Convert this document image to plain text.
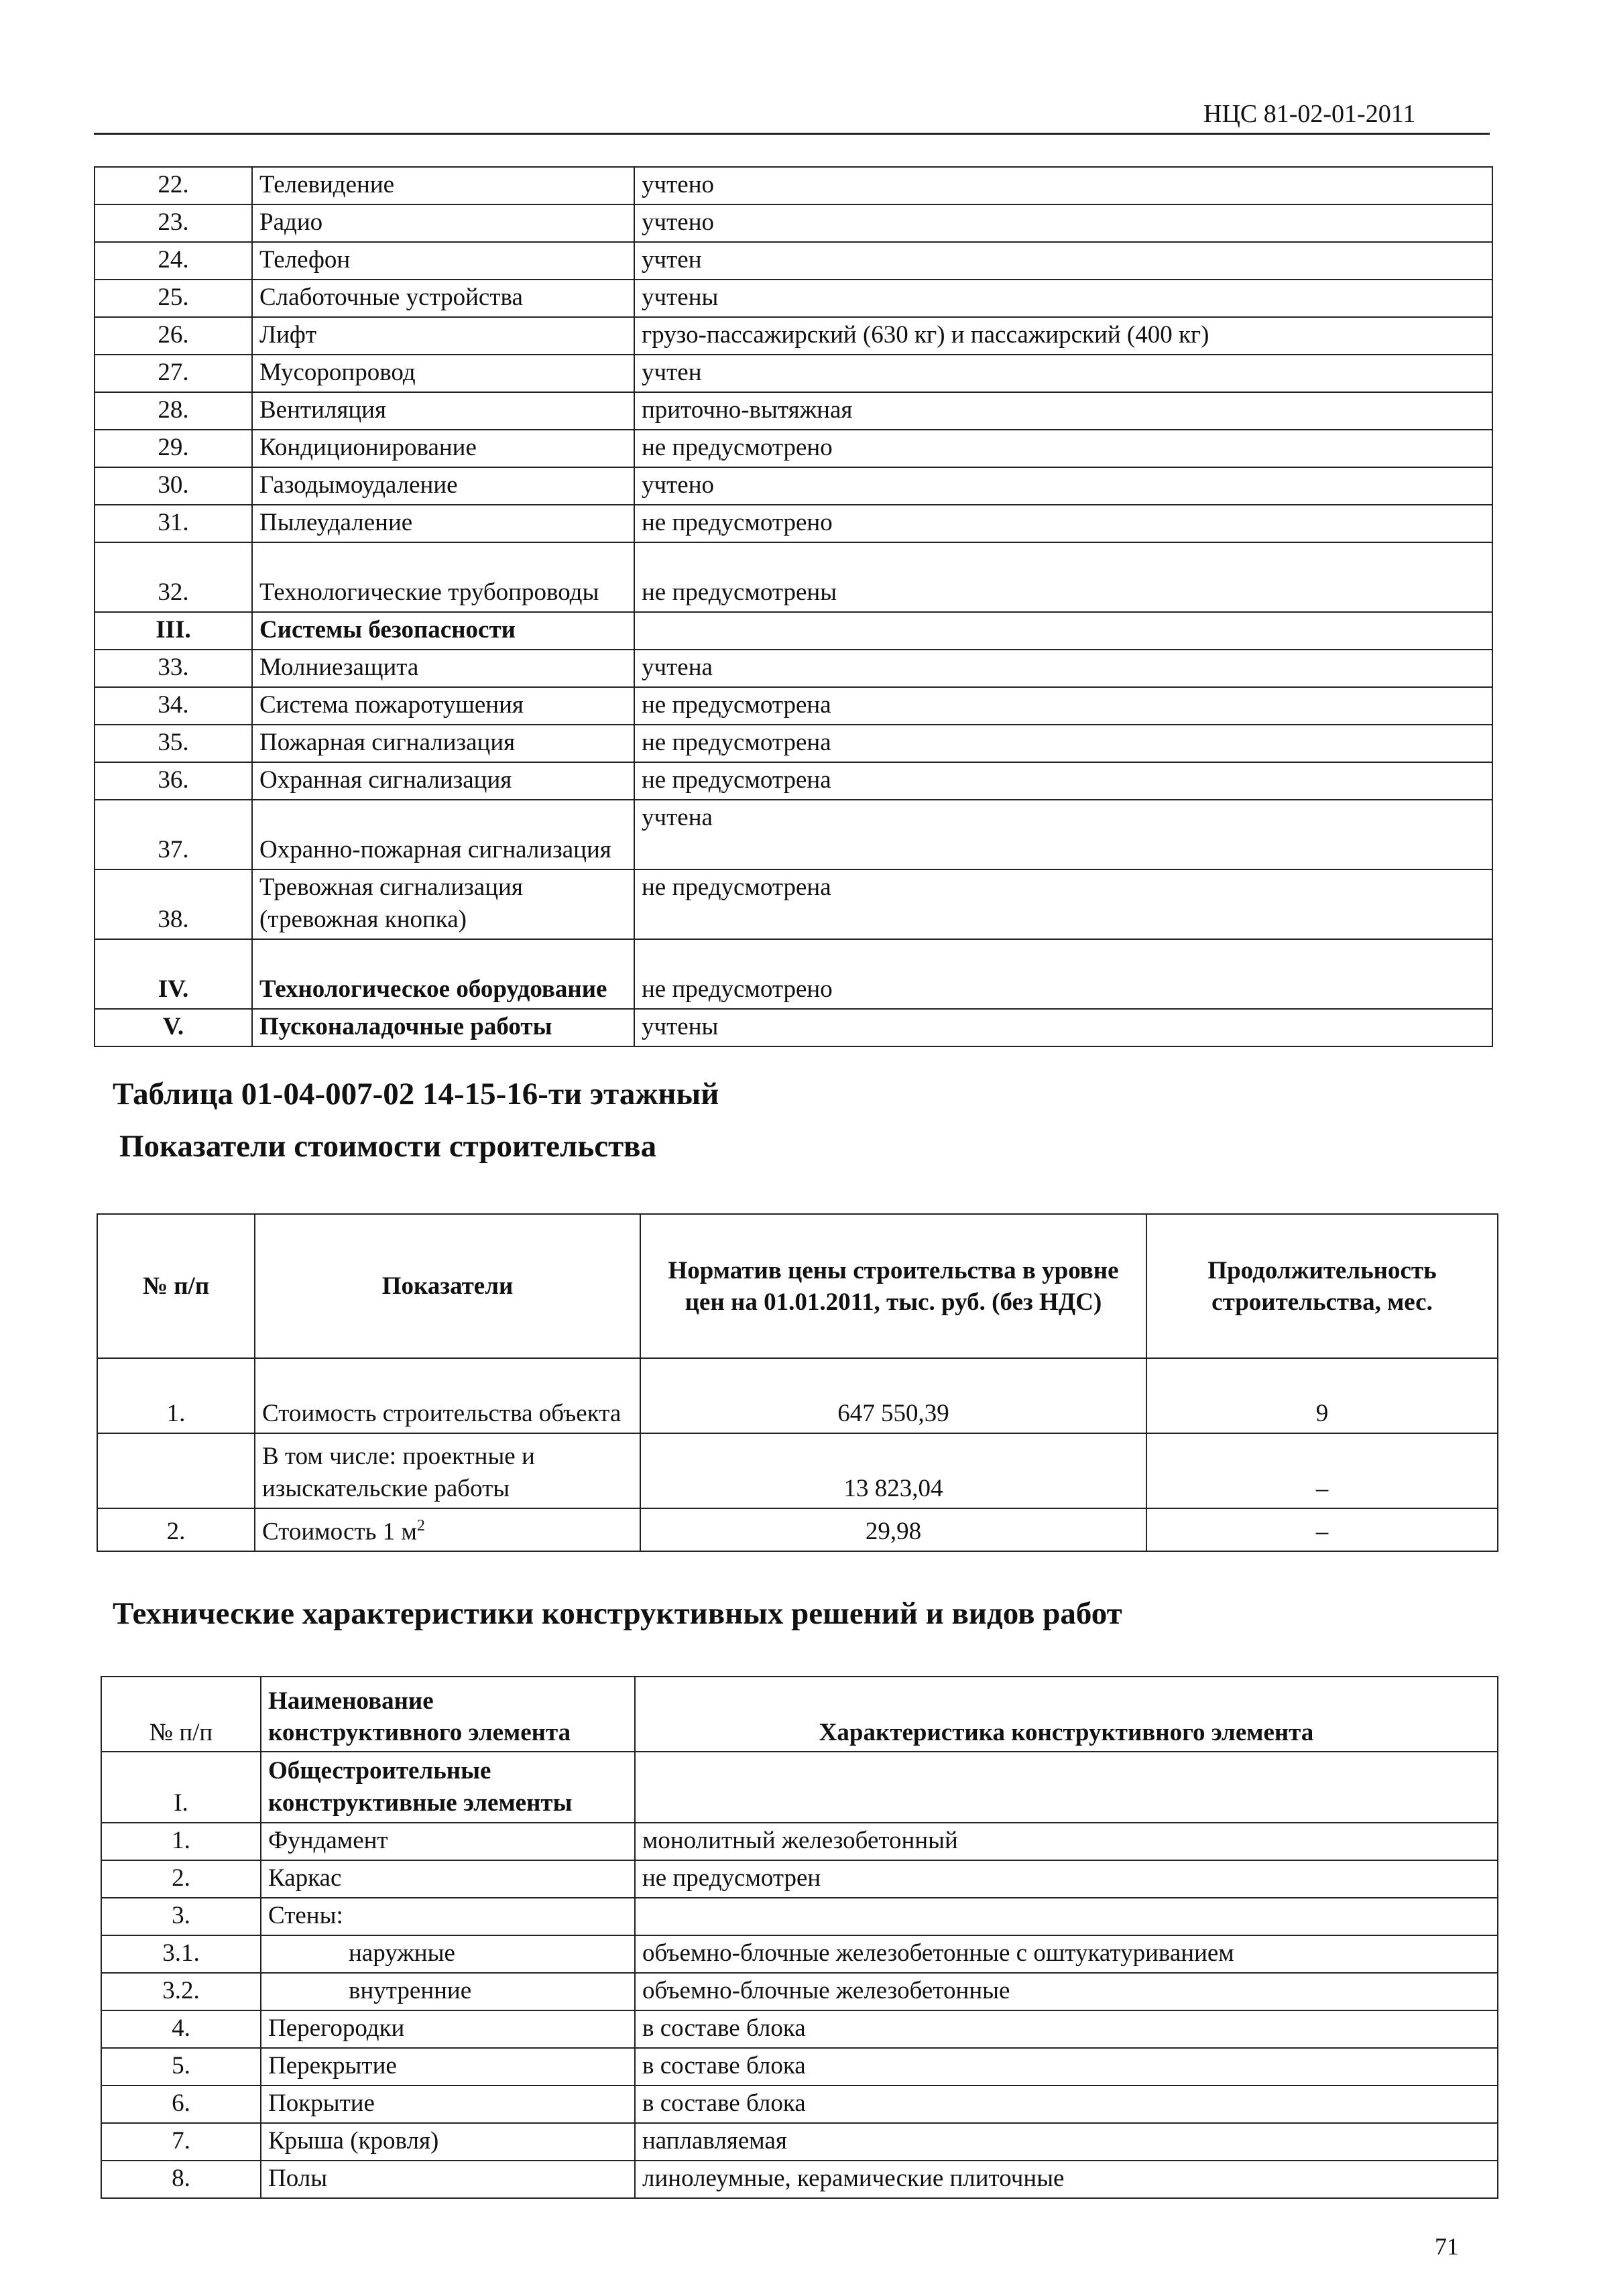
НЦС 81-02-01-2011
22.	Телевидение	учтено
23.	Радио	учтено
24.	Телефон	учтен
25.	Слаботочные устройства	учтены
26.	Лифт	грузо-пассажирский (630 кг) и пассажирский (400 кг)
27.	Мусоропровод	учтен
28.	Вентиляция	приточно-вытяжная
29.	Кондиционирование	не предусмотрено
30.	Газодымоудаление	учтено
31.	Пылеудаление	не предусмотрено
32.	Технологические трубопроводы	не предусмотрены
III.	Системы безопасности	
33.	Молниезащита	учтена
34.	Система пожаротушения	не предусмотрена
35.	Пожарная сигнализация	не предусмотрена
36.	Охранная сигнализация	не предусмотрена
37.	Охранно-пожарная сигнализация	учтена
38.	Тревожная сигнализация (тревожная кнопка)	не предусмотрена
IV.	Технологическое оборудование	не предусмотрено
V.	Пусконаладочные работы	учтены
Таблица 01-04-007-02 14-15-16-ти этажный
Показатели стоимости строительства
№ п/п	Показатели	Норматив цены строительства в уровне цен на 01.01.2011, тыс. руб. (без НДС)	Продолжительность строительства, мес.
1.	Стоимость строительства объекта	647 550,39	9
	В том числе: проектные и изыскательские работы	13 823,04	–
2.	Стоимость 1 $м^2$	29,98	–
Технические характеристики конструктивных решений и видов работ
№ п/п	Наименование конструктивного элемента	Характеристика конструктивного элемента
I.	Общестроительные конструктивные элементы	
1.	Фундамент	монолитный железобетонный
2.	Каркас	не предусмотрен
3.	Стены:	
3.1.	наружные	объемно-блочные железобетонные с оштукатуриванием
3.2.	внутренние	объемно-блочные железобетонные
4.	Перегородки	в составе блока
5.	Перекрытие	в составе блока
6.	Покрытие	в составе блока
7.	Крыша (кровля)	наплавляемая
8.	Полы	линолеумные, керамические плиточные
71
